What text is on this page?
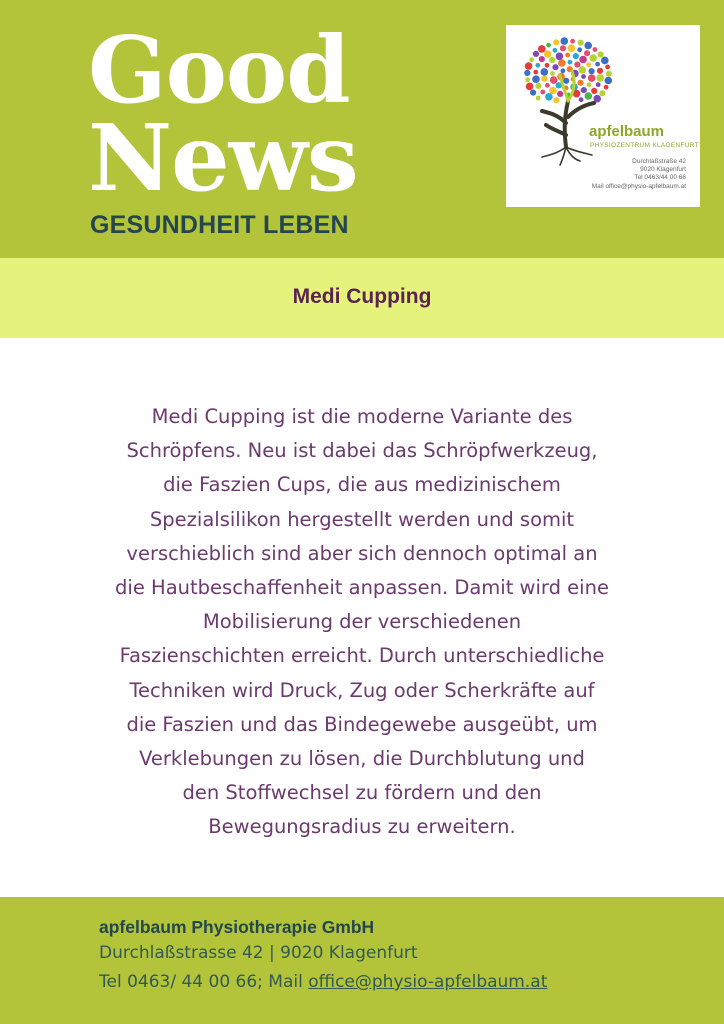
Good
News
GESUNDHEIT LEBEN
apfelbaum
PHYSIOZENTRUM KLAGENFURT
Durchlaßstraße 42
9020 Klagenfurt
Tel 0463/44 00 66
Mail office@physio-apfelbaum.at
Medi Cupping
Medi Cupping ist die moderne Variante des
Schröpfens. Neu ist dabei das Schröpfwerkzeug,
die Faszien Cups, die aus medizinischem
Spezialsilikon hergestellt werden und somit
verschieblich sind aber sich dennoch optimal an
die Hautbeschaffenheit anpassen. Damit wird eine
Mobilisierung der verschiedenen
Faszienschichten erreicht. Durch unterschiedliche
Techniken wird Druck, Zug oder Scherkräfte auf
die Faszien und das Bindegewebe ausgeübt, um
Verklebungen zu lösen, die Durchblutung und
den Stoffwechsel zu fördern und den
Bewegungsradius zu erweitern.
apfelbaum Physiotherapie GmbH
Durchlaßstrasse 42 | 9020 Klagenfurt
Tel 0463/ 44 00 66; Mail office@physio-apfelbaum.at
